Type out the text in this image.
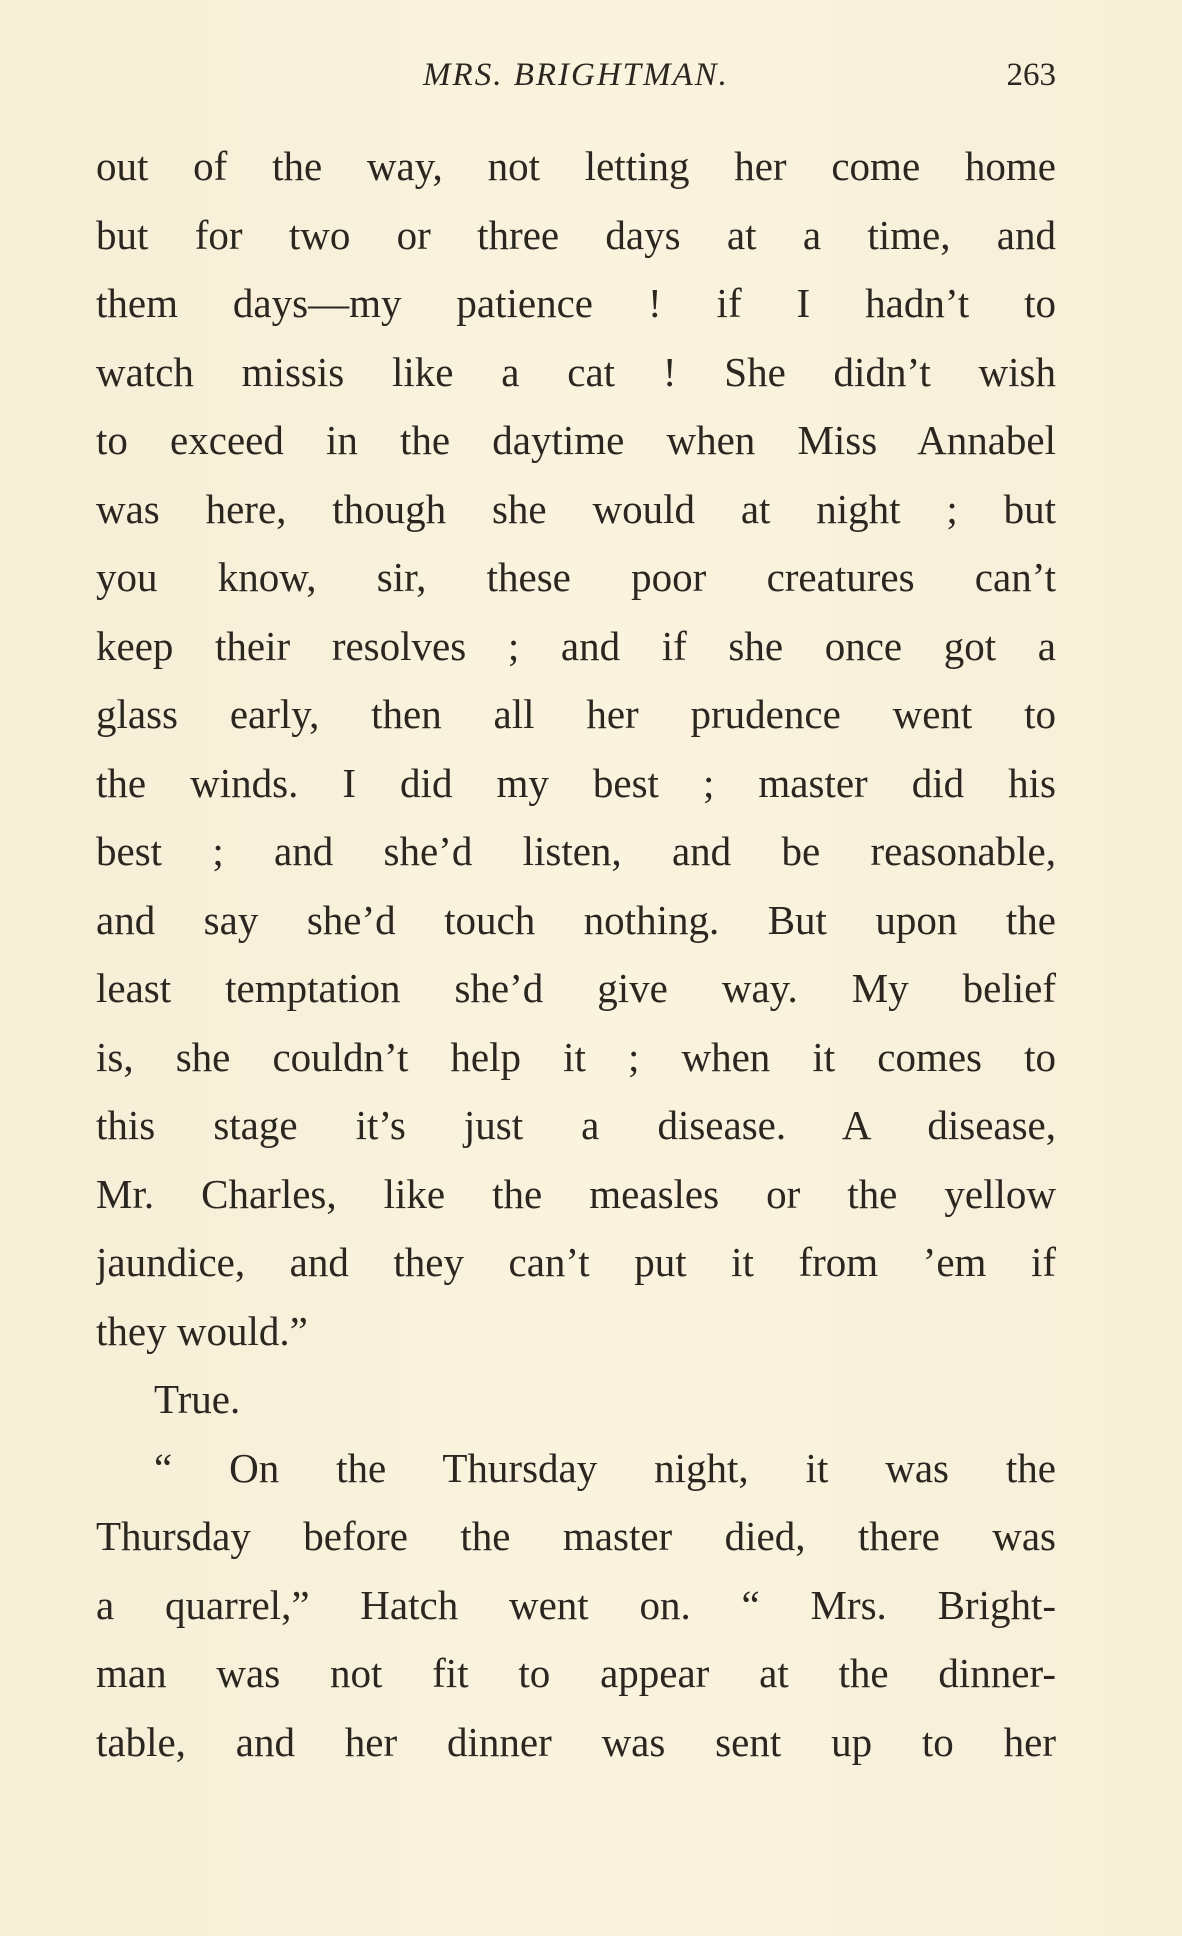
MRS. BRIGHTMAN.	263
out of the way, not letting her come home
but for two or three days at a time, and
them days—my patience ! if I hadn’t to
watch missis like a cat ! She didn’t wish
to exceed in the daytime when Miss Annabel
was here, though she would at night ; but
you know, sir, these poor creatures can’t
keep their resolves ; and if she once got a
glass early, then all her prudence went to
the winds. I did my best ; master did his
best ; and she’d listen, and be reasonable,
and say she’d touch nothing. But upon the
least temptation she’d give way. My belief
is, she couldn’t help it ; when it comes to
this stage it’s just a disease. A disease,
Mr. Charles, like the measles or the yellow
jaundice, and they can’t put it from ’em if
they would.”
True.
“ On the Thursday night, it was the
Thursday before the master died, there was
a quarrel,” Hatch went on. “ Mrs. Bright-
man was not fit to appear at the dinner-
table, and her dinner was sent up to her
